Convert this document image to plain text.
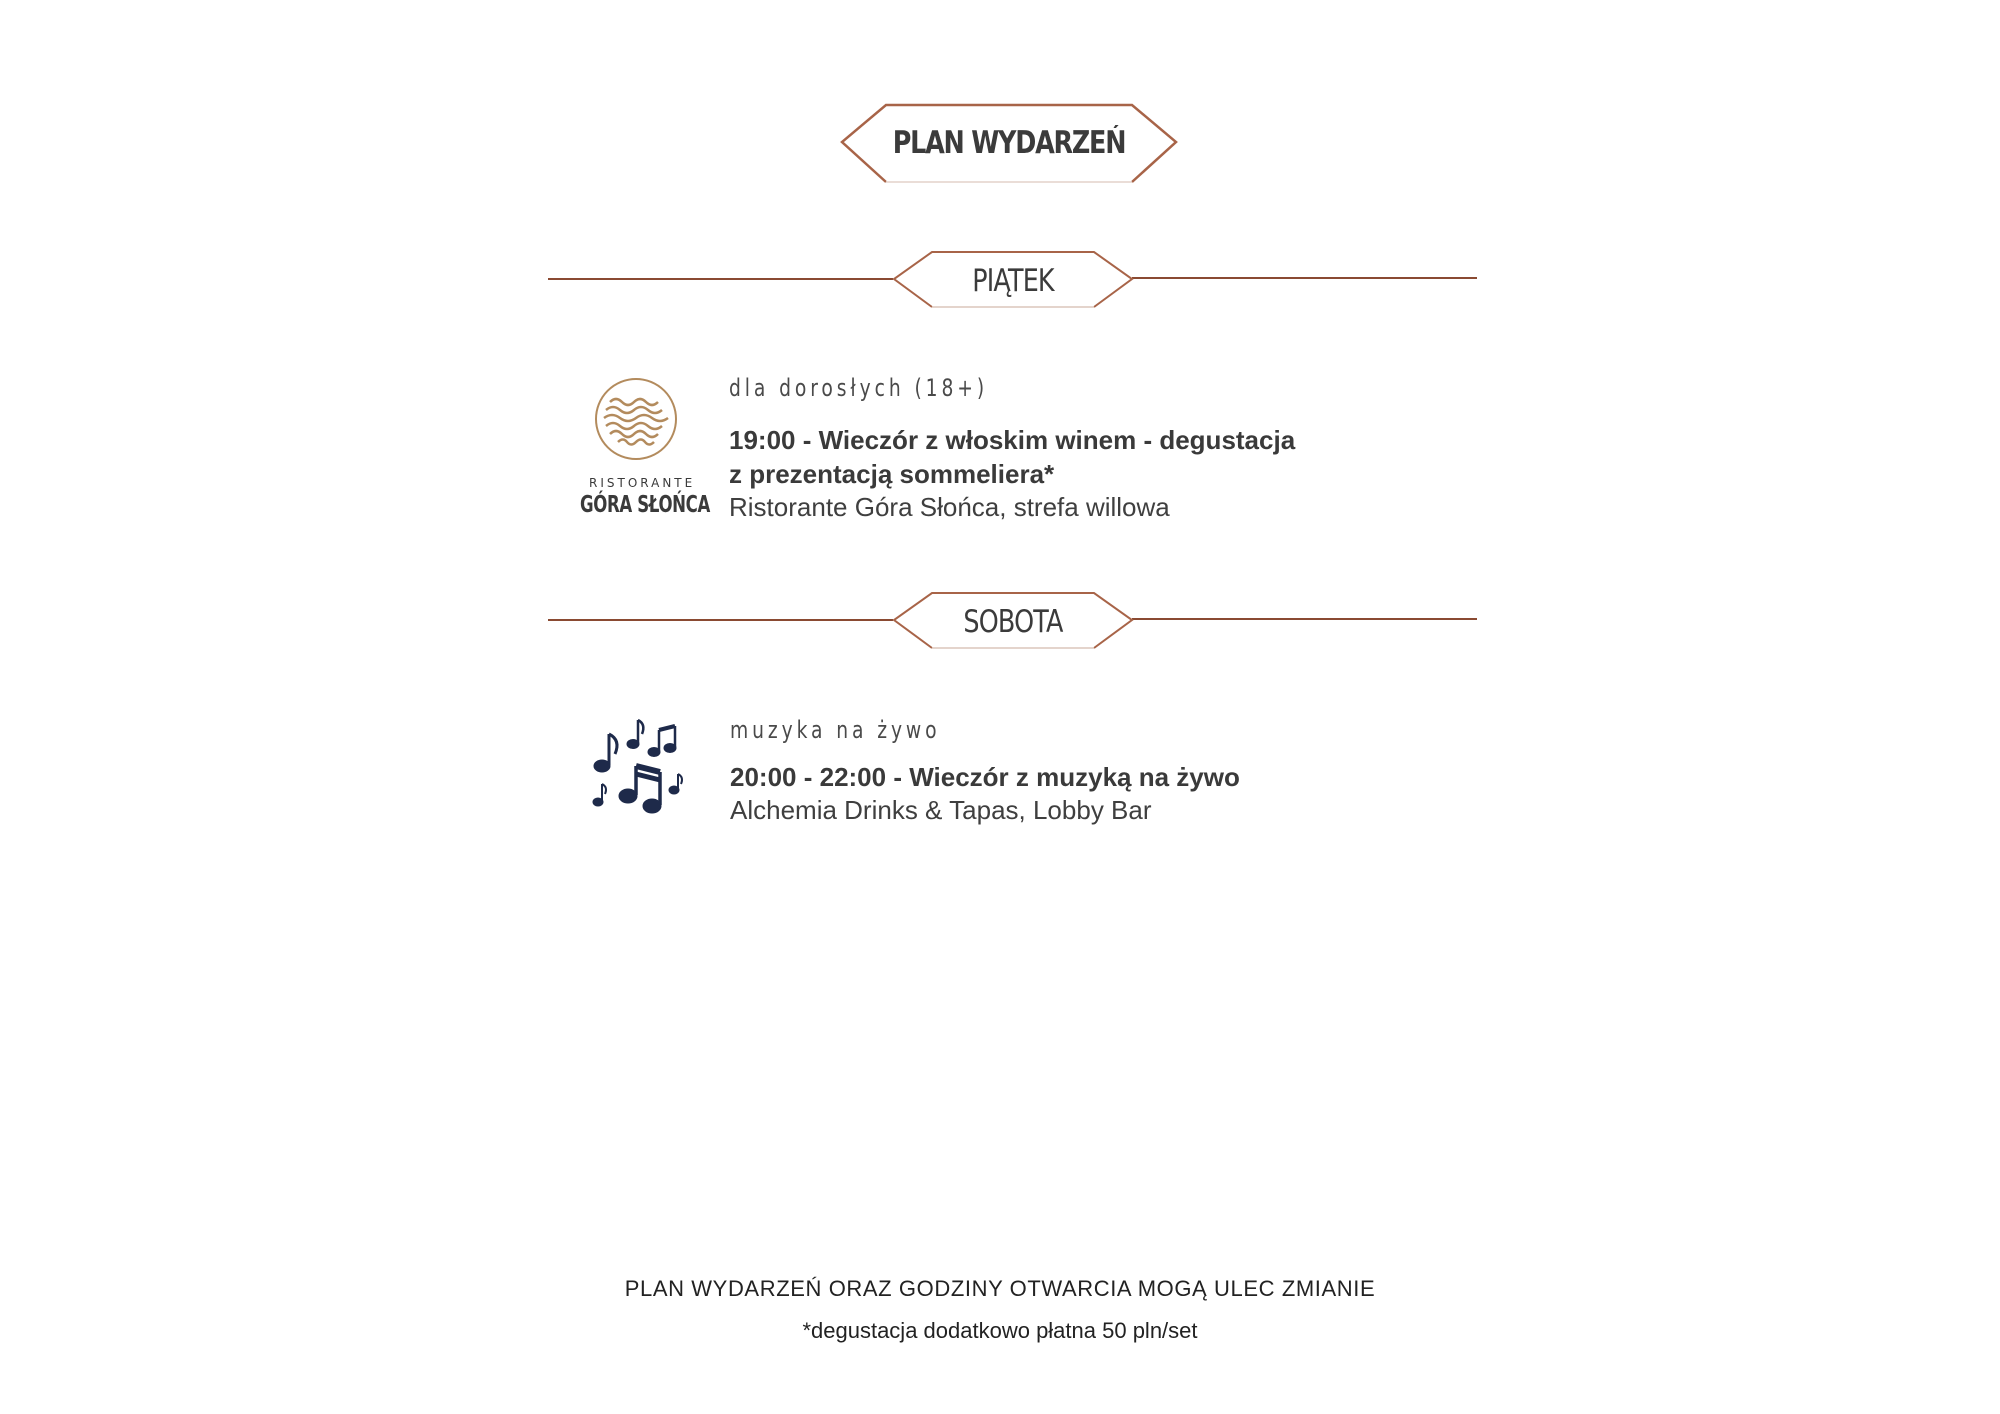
PLAN WYDARZEŃ
PIĄTEK
RISTORANTE
GÓRA SŁOŃCA
dla dorosłych (18+)
19:00 - Wieczór z włoskim winem - degustacja
z prezentacją sommeliera*
Ristorante Góra Słońca, strefa willowa
SOBOTA
muzyka na żywo
20:00 - 22:00 - Wieczór z muzyką na żywo
Alchemia Drinks & Tapas, Lobby Bar
PLAN WYDARZEŃ ORAZ GODZINY OTWARCIA MOGĄ ULEC ZMIANIE
*degustacja dodatkowo płatna 50 pln/set
